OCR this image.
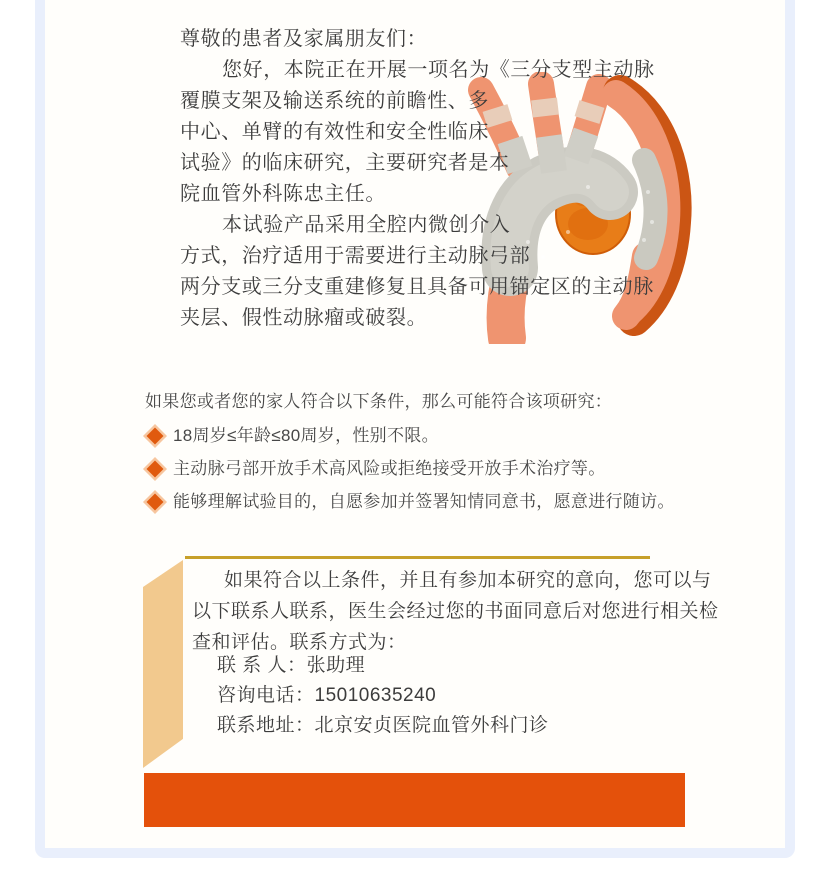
尊敬的患者及家属朋友们：
您好，本院正在开展一项名为《三分支型主动脉
覆膜支架及输送系统的前瞻性、多
中心、单臂的有效性和安全性临床
试验》的临床研究，主要研究者是本
院血管外科陈忠主任。
本试验产品采用全腔内微创介入
方式，治疗适用于需要进行主动脉弓部
两分支或三分支重建修复且具备可用锚定区的主动脉
夹层、假性动脉瘤或破裂。
如果您或者您的家人符合以下条件，那么可能符合该项研究：
18周岁≤年龄≤80周岁，性别不限。
主动脉弓部开放手术高风险或拒绝接受开放手术治疗等。
能够理解试验目的，自愿参加并签署知情同意书，愿意进行随访。
如果符合以上条件，并且有参加本研究的意向，您可以与
以下联系人联系，医生会经过您的书面同意后对您进行相关检
查和评估。联系方式为：
联 系 人：张助理
咨询电话：15010635240
联系地址：北京安贞医院血管外科门诊
